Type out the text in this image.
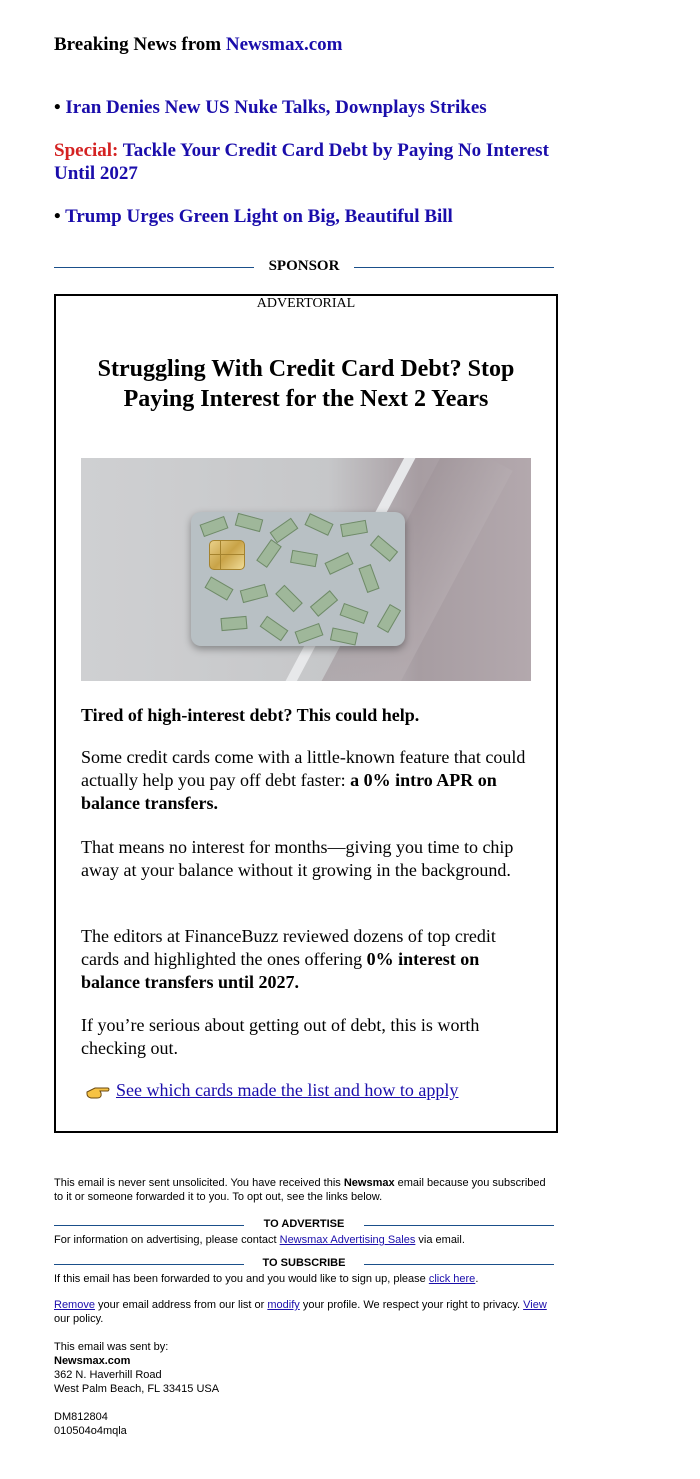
Breaking News from Newsmax.com
• Iran Denies New US Nuke Talks, Downplays Strikes
Special: Tackle Your Credit Card Debt by Paying No Interest Until 2027
• Trump Urges Green Light on Big, Beautiful Bill
SPONSOR
ADVERTORIAL
Struggling With Credit Card Debt? Stop Paying Interest for the Next 2 Years
Tired of high-interest debt? This could help.
Some credit cards come with a little-known feature that could actually help you pay off debt faster: a 0% intro APR on balance transfers.
That means no interest for months—giving you time to chip away at your balance without it growing in the background.
The editors at FinanceBuzz reviewed dozens of top credit cards and highlighted the ones offering 0% interest on balance transfers until 2027.
If you’re serious about getting out of debt, this is worth checking out.
See which cards made the list and how to apply
This email is never sent unsolicited. You have received this Newsmax email because you subscribed to it or someone forwarded it to you. To opt out, see the links below.
TO ADVERTISE
For information on advertising, please contact Newsmax Advertising Sales via email.
TO SUBSCRIBE
If this email has been forwarded to you and you would like to sign up, please click here.
Remove your email address from our list or modify your profile. We respect your right to privacy. View our policy.
This email was sent by:
Newsmax.com
362 N. Haverhill Road
West Palm Beach, FL 33415 USA
DM812804
010504o4mqla
